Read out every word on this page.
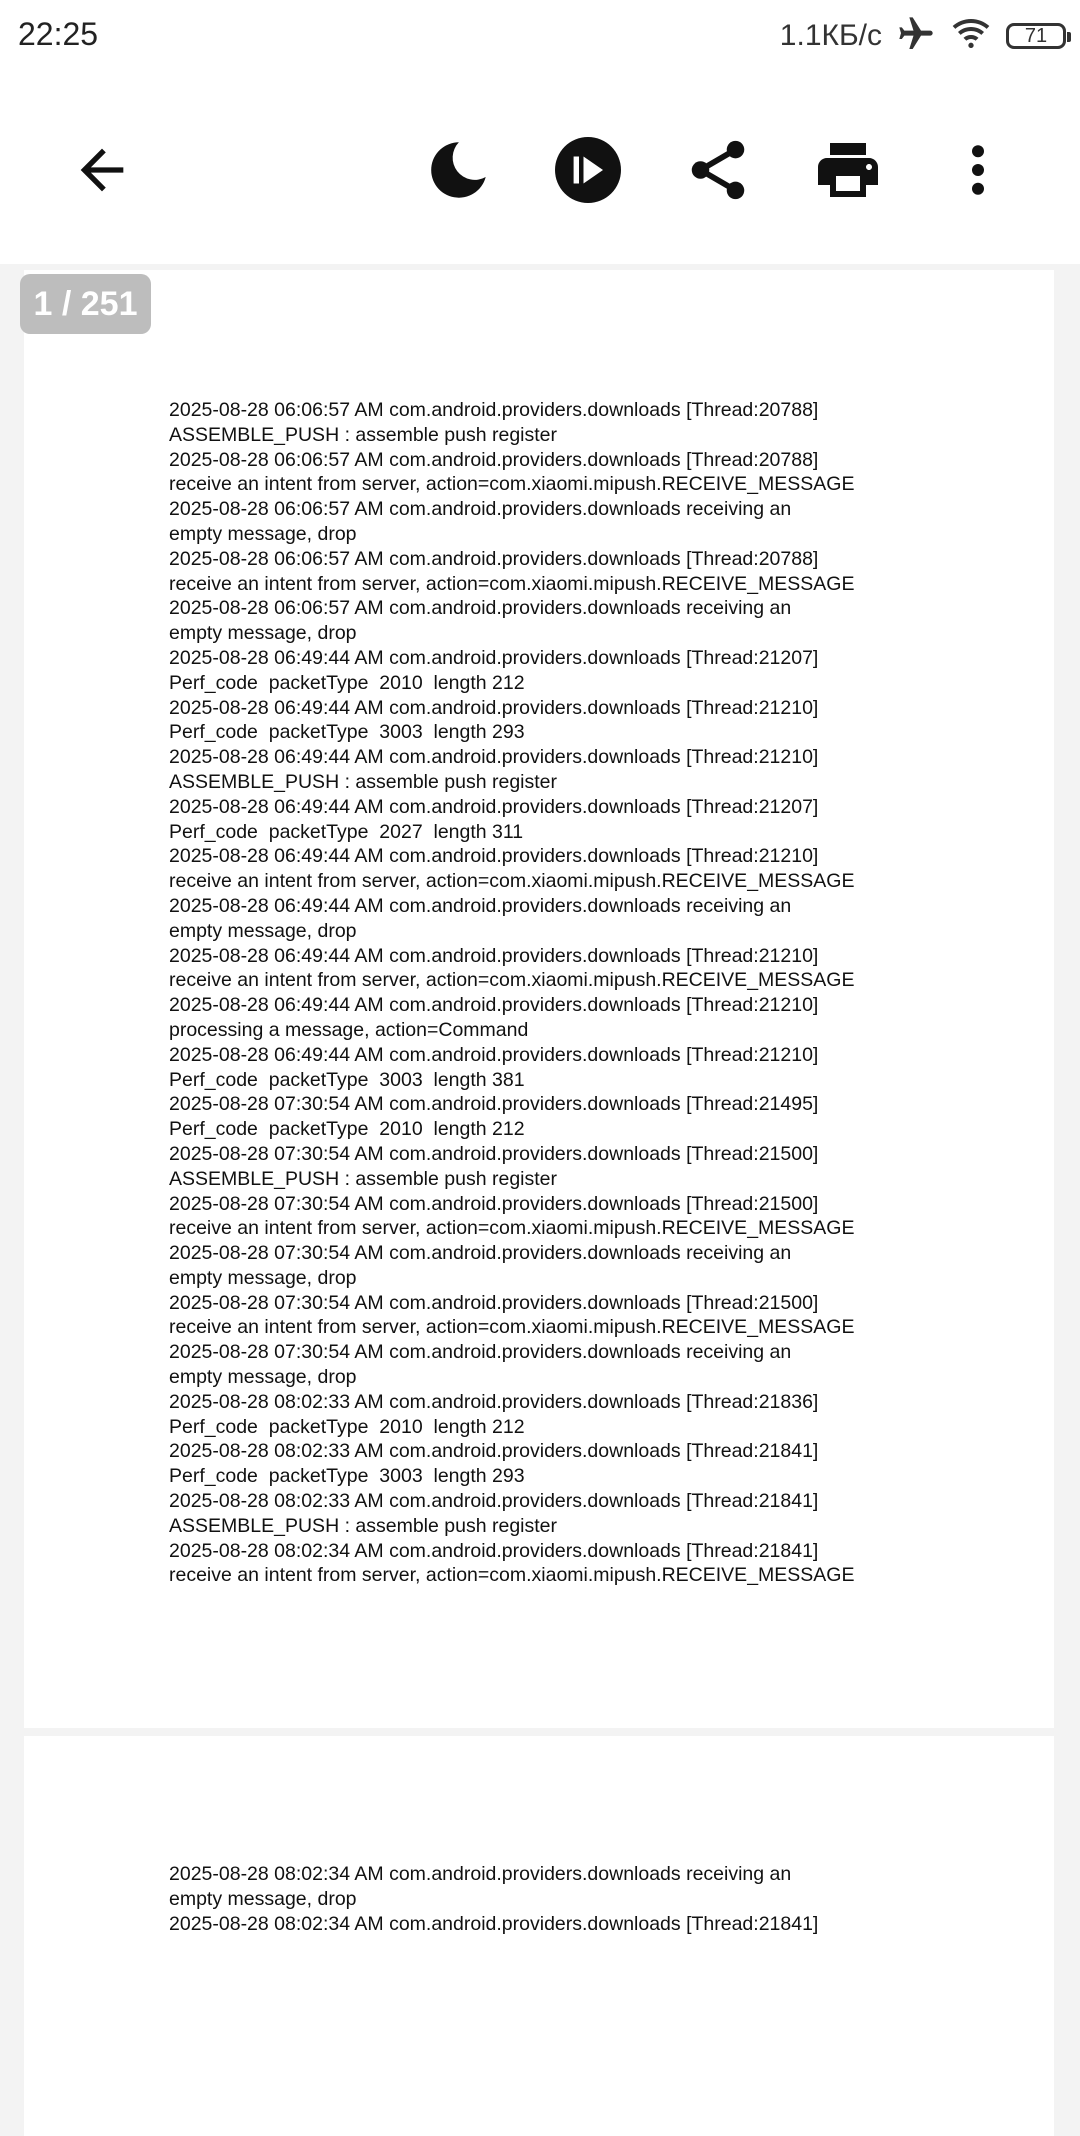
22:25	1.1КБ/с	71
2025-08-28 06:06:57 AM com.android.providers.downloads [Thread:20788]
ASSEMBLE_PUSH : assemble push register
2025-08-28 06:06:57 AM com.android.providers.downloads [Thread:20788]
receive an intent from server, action=com.xiaomi.mipush.RECEIVE_MESSAGE
2025-08-28 06:06:57 AM com.android.providers.downloads receiving an
empty message, drop
2025-08-28 06:06:57 AM com.android.providers.downloads [Thread:20788]
receive an intent from server, action=com.xiaomi.mipush.RECEIVE_MESSAGE
2025-08-28 06:06:57 AM com.android.providers.downloads receiving an
empty message, drop
2025-08-28 06:49:44 AM com.android.providers.downloads [Thread:21207]
Perf_code  packetType  2010  length 212
2025-08-28 06:49:44 AM com.android.providers.downloads [Thread:21210]
Perf_code  packetType  3003  length 293
2025-08-28 06:49:44 AM com.android.providers.downloads [Thread:21210]
ASSEMBLE_PUSH : assemble push register
2025-08-28 06:49:44 AM com.android.providers.downloads [Thread:21207]
Perf_code  packetType  2027  length 311
2025-08-28 06:49:44 AM com.android.providers.downloads [Thread:21210]
receive an intent from server, action=com.xiaomi.mipush.RECEIVE_MESSAGE
2025-08-28 06:49:44 AM com.android.providers.downloads receiving an
empty message, drop
2025-08-28 06:49:44 AM com.android.providers.downloads [Thread:21210]
receive an intent from server, action=com.xiaomi.mipush.RECEIVE_MESSAGE
2025-08-28 06:49:44 AM com.android.providers.downloads [Thread:21210]
processing a message, action=Command
2025-08-28 06:49:44 AM com.android.providers.downloads [Thread:21210]
Perf_code  packetType  3003  length 381
2025-08-28 07:30:54 AM com.android.providers.downloads [Thread:21495]
Perf_code  packetType  2010  length 212
2025-08-28 07:30:54 AM com.android.providers.downloads [Thread:21500]
ASSEMBLE_PUSH : assemble push register
2025-08-28 07:30:54 AM com.android.providers.downloads [Thread:21500]
receive an intent from server, action=com.xiaomi.mipush.RECEIVE_MESSAGE
2025-08-28 07:30:54 AM com.android.providers.downloads receiving an
empty message, drop
2025-08-28 07:30:54 AM com.android.providers.downloads [Thread:21500]
receive an intent from server, action=com.xiaomi.mipush.RECEIVE_MESSAGE
2025-08-28 07:30:54 AM com.android.providers.downloads receiving an
empty message, drop
2025-08-28 08:02:33 AM com.android.providers.downloads [Thread:21836]
Perf_code  packetType  2010  length 212
2025-08-28 08:02:33 AM com.android.providers.downloads [Thread:21841]
Perf_code  packetType  3003  length 293
2025-08-28 08:02:33 AM com.android.providers.downloads [Thread:21841]
ASSEMBLE_PUSH : assemble push register
2025-08-28 08:02:34 AM com.android.providers.downloads [Thread:21841]
receive an intent from server, action=com.xiaomi.mipush.RECEIVE_MESSAGE
2025-08-28 08:02:34 AM com.android.providers.downloads receiving an
empty message, drop
2025-08-28 08:02:34 AM com.android.providers.downloads [Thread:21841]
1 / 251
